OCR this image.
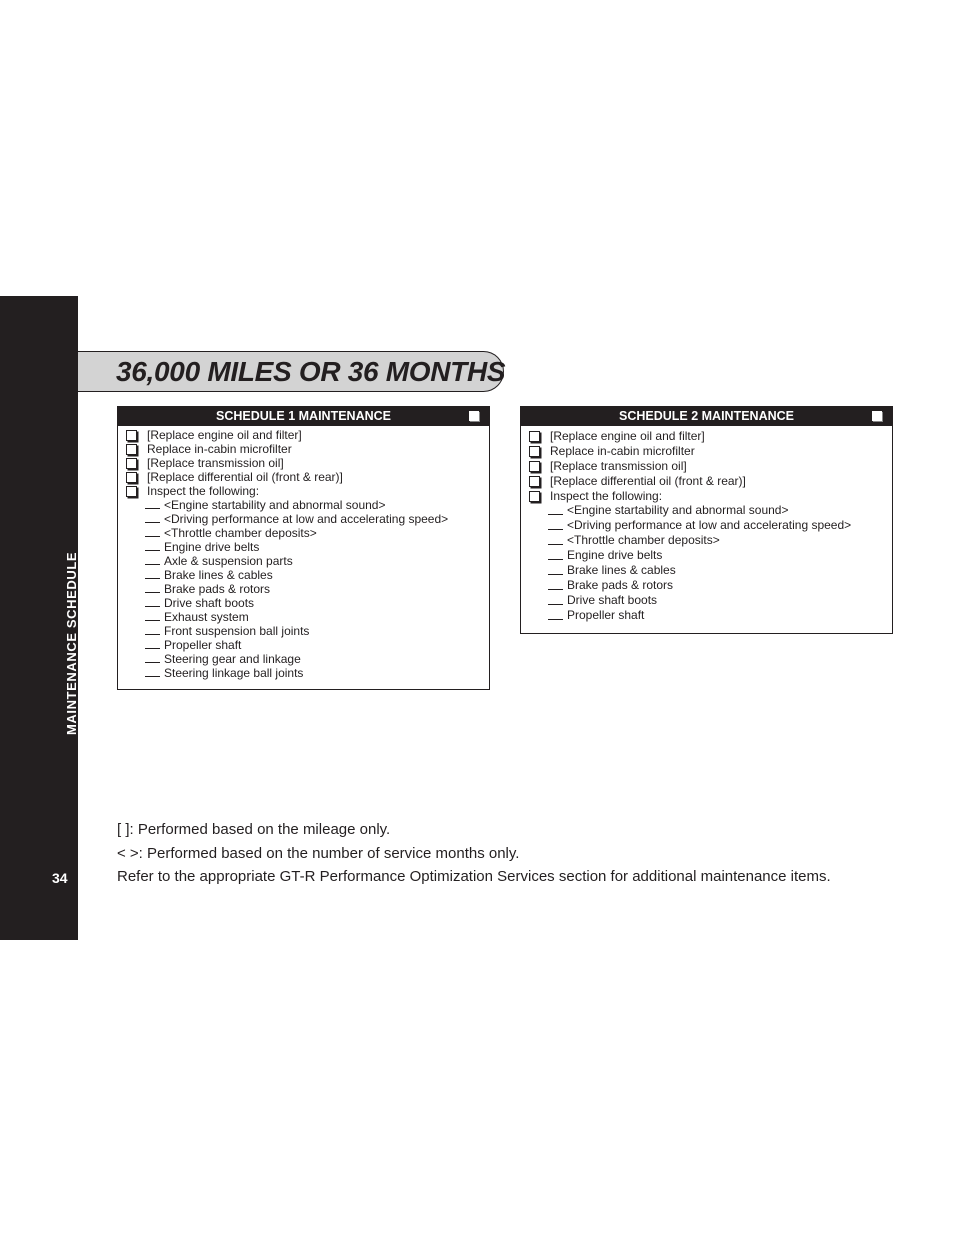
MAINTENANCE SCHEDULE
34
36,000 MILES OR 36 MONTHS
SCHEDULE 1 MAINTENANCE
[Replace engine oil and filter]
Replace in-cabin microfilter
[Replace transmission oil]
[Replace differential oil (front & rear)]
Inspect the following:
<Engine startability and abnormal sound>
<Driving performance at low and accelerating speed>
<Throttle chamber deposits>
Engine drive belts
Axle & suspension parts
Brake lines & cables
Brake pads & rotors
Drive shaft boots
Exhaust system
Front suspension ball joints
Propeller shaft
Steering gear and linkage
Steering linkage ball joints
SCHEDULE 2 MAINTENANCE
[Replace engine oil and filter]
Replace in-cabin microfilter
[Replace transmission oil]
[Replace differential oil (front & rear)]
Inspect the following:
<Engine startability and abnormal sound>
<Driving performance at low and accelerating speed>
<Throttle chamber deposits>
Engine drive belts
Brake lines & cables
Brake pads & rotors
Drive shaft boots
Propeller shaft
[ ]: Performed based on the mileage only.
< >: Performed based on the number of service months only.
Refer to the appropriate GT-R Performance Optimization Services section for additional maintenance items.
